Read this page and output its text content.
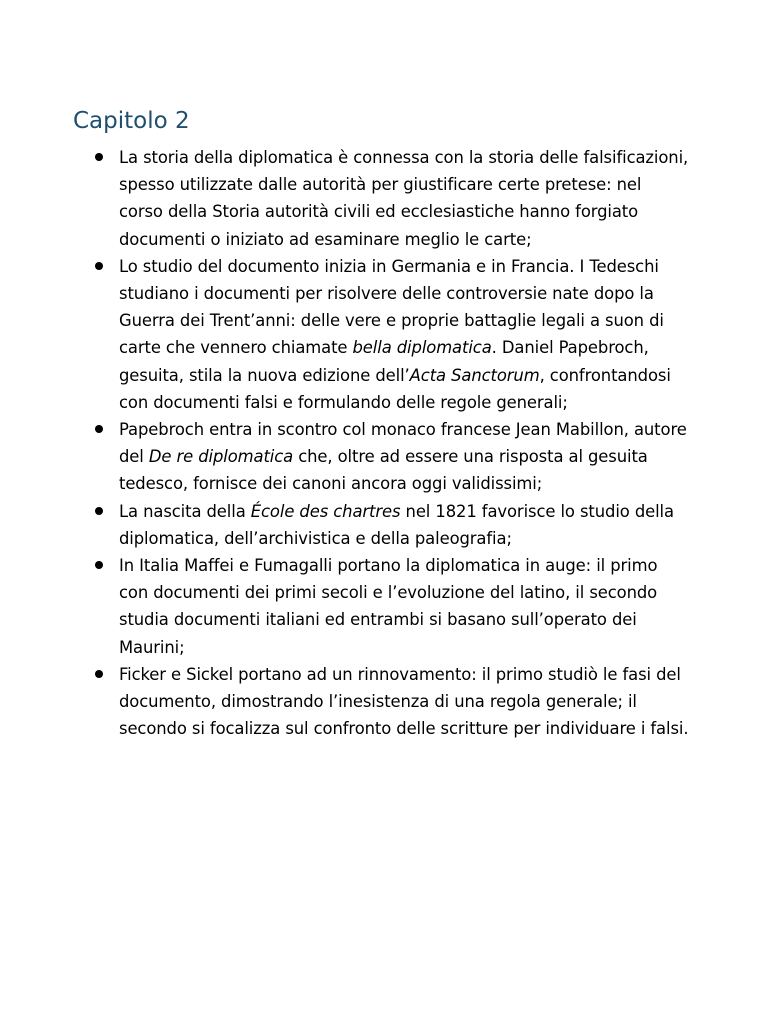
Capitolo 2
La storia della diplomatica è connessa con la storia delle falsificazioni, spesso utilizzate dalle autorità per giustificare certe pretese: nel corso della Storia autorità civili ed ecclesiastiche hanno forgiato documenti o iniziato ad esaminare meglio le carte;
Lo studio del documento inizia in Germania e in Francia. I Tedeschi studiano i documenti per risolvere delle controversie nate dopo la Guerra dei Trent’anni: delle vere e proprie battaglie legali a suon di carte che vennero chiamate bella diplomatica. Daniel Papebroch, gesuita, stila la nuova edizione dell’Acta Sanctorum, confrontandosi con documenti falsi e formulando delle regole generali;
Papebroch entra in scontro col monaco francese Jean Mabillon, autore del De re diplomatica che, oltre ad essere una risposta al gesuita tedesco, fornisce dei canoni ancora oggi validissimi;
La nascita della École des chartres nel 1821 favorisce lo studio della diplomatica, dell’archivistica e della paleografia;
In Italia Maffei e Fumagalli portano la diplomatica in auge: il primo con documenti dei primi secoli e l’evoluzione del latino, il secondo studia documenti italiani ed entrambi si basano sull’operato dei Maurini;
Ficker e Sickel portano ad un rinnovamento: il primo studiò le fasi del documento, dimostrando l’inesistenza di una regola generale; il secondo si focalizza sul confronto delle scritture per individuare i falsi.
